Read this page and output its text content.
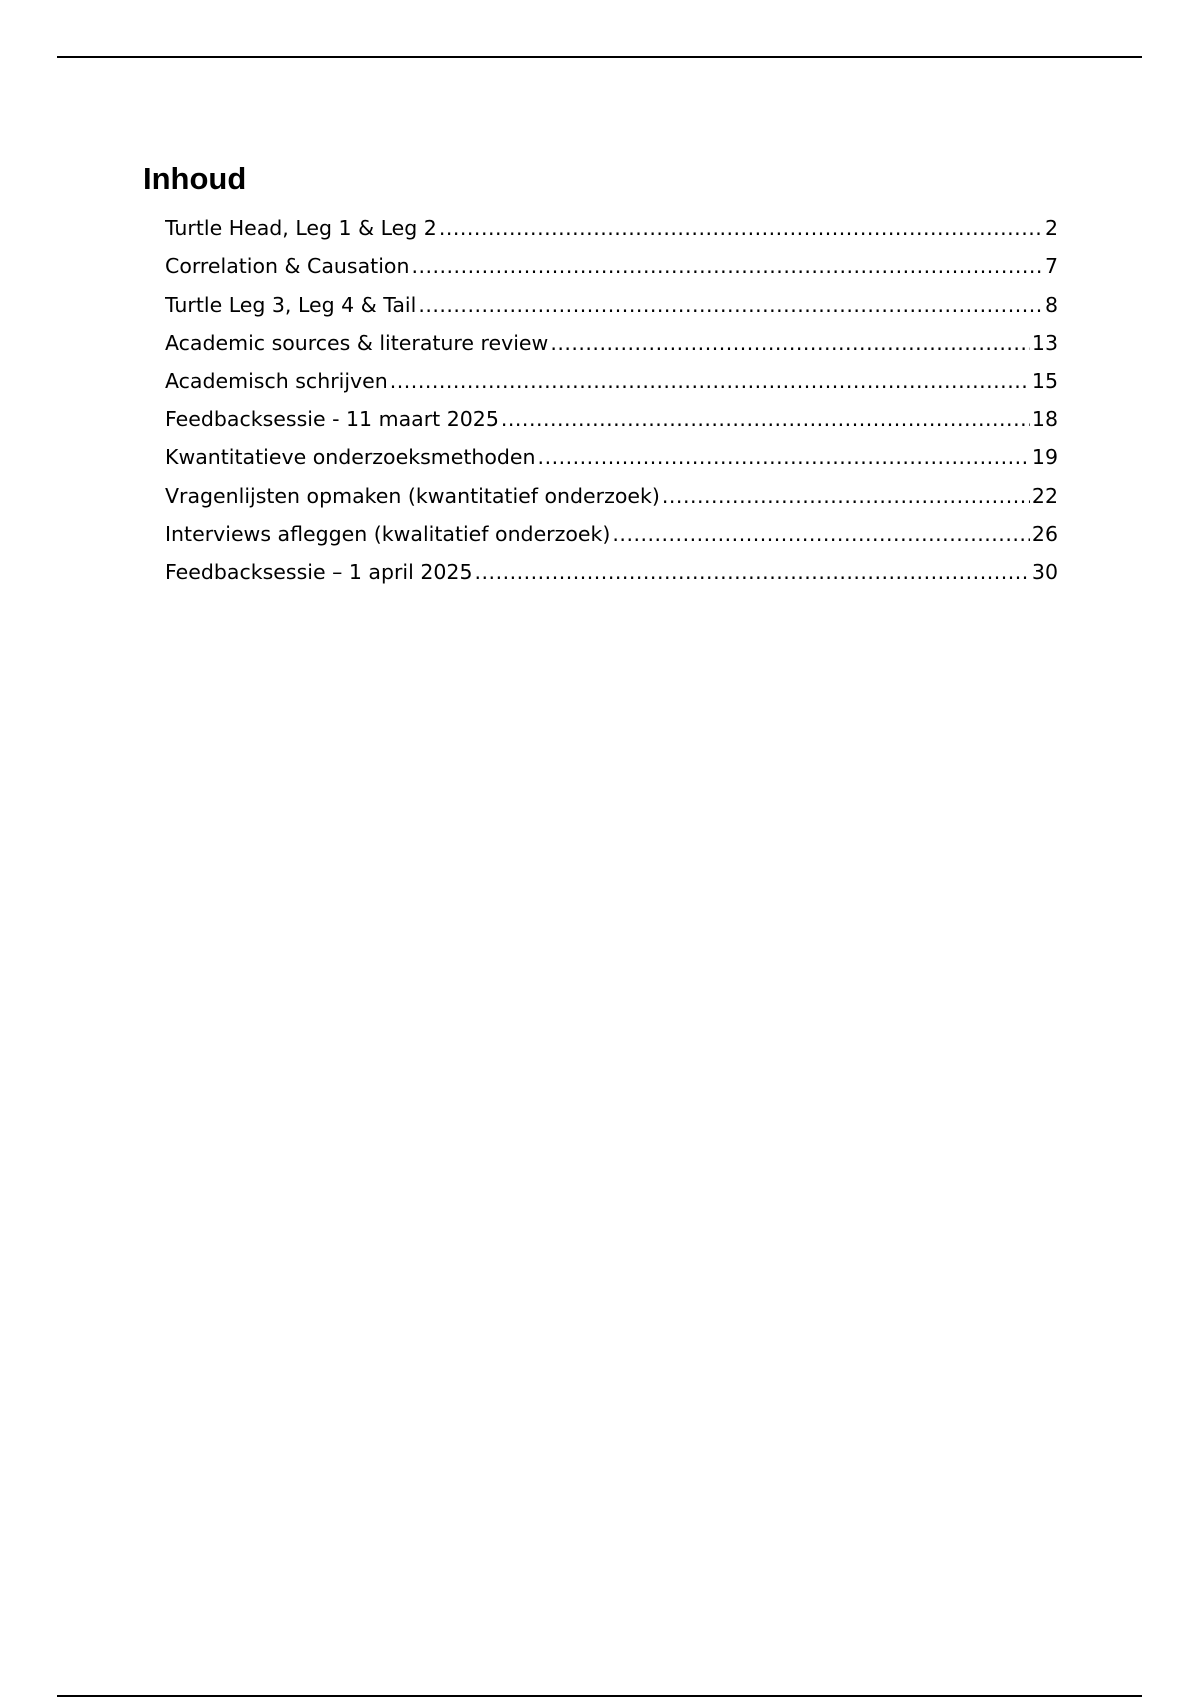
Inhoud
Turtle Head, Leg 1 & Leg 2 .....	2
Correlation & Causation .....	7
Turtle Leg 3, Leg 4 & Tail .....	8
Academic sources & literature review .....	13
Academisch schrijven .....	15
Feedbacksessie - 11 maart 2025 .....	18
Kwantitatieve onderzoeksmethoden .....	19
Vragenlijsten opmaken (kwantitatief onderzoek) .....	22
Interviews afleggen (kwalitatief onderzoek) .....	26
Feedbacksessie – 1 april 2025 .....	30
